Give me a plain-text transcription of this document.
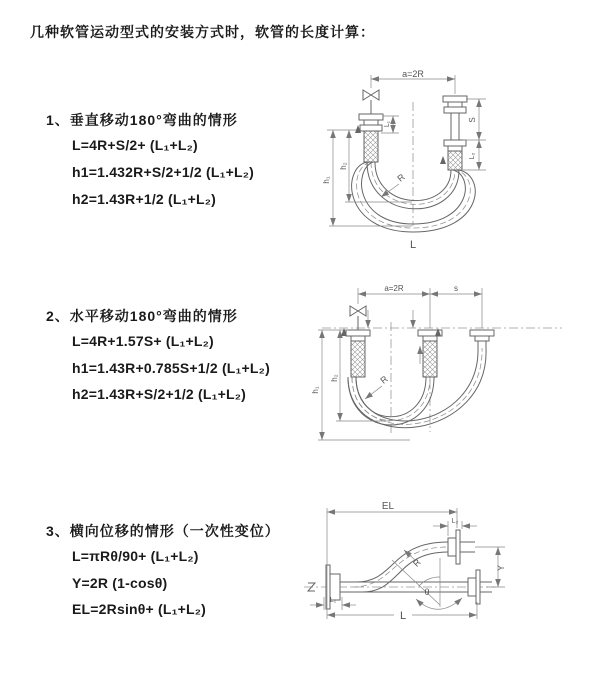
几种软管运动型式的安装方式时，软管的长度计算：
1、垂直移动180°弯曲的情形
L=4R+S/2+ (L₁+L₂)
h1=1.432R+S/2+1/2 (L₁+L₂)
h2=1.43R+1/2 (L₁+L₂)
2、水平移动180°弯曲的情形
L=4R+1.57S+ (L₁+L₂)
h1=1.43R+0.785S+1/2 (L₁+L₂)
h2=1.43R+S/2+1/2 (L₁+L₂)
3、横向位移的情形（一次性变位）
L=πRθ/90+ (L₁+L₂)
Y=2R (1-cosθ)
EL=2Rsinθ+ (L₁+L₂)
a=2R
h₂
h₁
L₁
S
L₂
R
L
a=2R	s
h₂
h₁
R
EL
L₂
Y
R
θ
L
L₁
